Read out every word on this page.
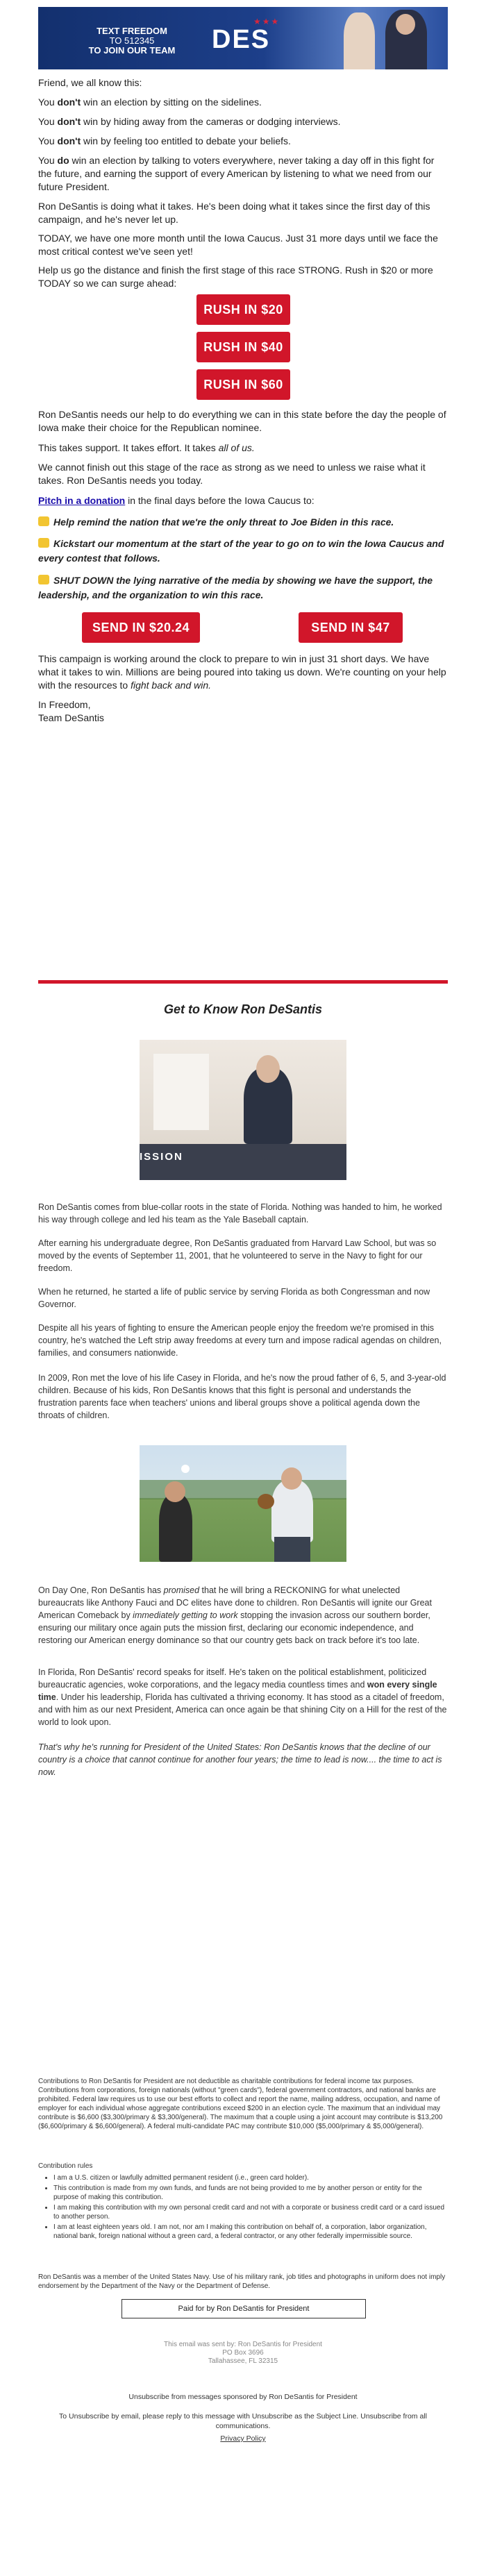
TEXT FREEDOM
TO 512345
TO JOIN OUR TEAM
★★★
DES

Friend, we all know this:

You don't win an election by sitting on the sidelines.

You don't win by hiding away from the cameras or dodging interviews.

You don't win by feeling too entitled to debate your beliefs.

You do win an election by talking to voters everywhere, never taking a day off in this fight for the future, and earning the support of every American by listening to what we need from our future President.

Ron DeSantis is doing what it takes. He's been doing what it takes since the first day of this campaign, and he's never let up.

TODAY, we have one more month until the Iowa Caucus. Just 31 more days until we face the most critical contest we've seen yet!

Help us go the distance and finish the first stage of this race STRONG. Rush in $20 or more TODAY so we can surge ahead:

RUSH IN $20
RUSH IN $40
RUSH IN $60

Ron DeSantis needs our help to do everything we can in this state before the day the people of Iowa make their choice for the Republican nominee.

This takes support. It takes effort. It takes all of us.

We cannot finish out this stage of the race as strong as we need to unless we raise what it takes. Ron DeSantis needs you today.

Pitch in a donation in the final days before the Iowa Caucus to:

Help remind the nation that we're the only threat to Joe Biden in this race.
Kickstart our momentum at the start of the year to go on to win the Iowa Caucus and every contest that follows.
SHUT DOWN the lying narrative of the media by showing we have the support, the leadership, and the organization to win this race.
SEND IN $20.24	SEND IN $47

This campaign is working around the clock to prepare to win in just 31 short days. We have what it takes to win. Millions are being poured into taking us down. We're counting on your help with the resources to fight back and win.

In Freedom,

Team DeSantis

Get to Know Ron DeSantis
ISSION

Ron DeSantis comes from blue-collar roots in the state of Florida. Nothing was handed to him, he worked his way through college and led his team as the Yale Baseball captain.

After earning his undergraduate degree, Ron DeSantis graduated from Harvard Law School, but was so moved by the events of September 11, 2001, that he volunteered to serve in the Navy to fight for our freedom.

When he returned, he started a life of public service by serving Florida as both Congressman and now Governor.

Despite all his years of fighting to ensure the American people enjoy the freedom we're promised in this country, he's watched the Left strip away freedoms at every turn and impose radical agendas on children, families, and consumers nationwide.

In 2009, Ron met the love of his life Casey in Florida, and he's now the proud father of 6, 5, and 3-year-old children. Because of his kids, Ron DeSantis knows that this fight is personal and understands the frustration parents face when teachers' unions and liberal groups shove a political agenda down the throats of children.

On Day One, Ron DeSantis has promised that he will bring a RECKONING for what unelected bureaucrats like Anthony Fauci and DC elites have done to children. Ron DeSantis will ignite our Great American Comeback by immediately getting to work stopping the invasion across our southern border, ensuring our military once again puts the mission first, declaring our economic independence, and restoring our American energy dominance so that our country gets back on track before it's too late.

In Florida, Ron DeSantis' record speaks for itself. He's taken on the political establishment, politicized bureaucratic agencies, woke corporations, and the legacy media countless times and won every single time. Under his leadership, Florida has cultivated a thriving economy. It has stood as a citadel of freedom, and with him as our next President, America can once again be that shining City on a Hill for the rest of the world to look upon.

That's why he's running for President of the United States: Ron DeSantis knows that the decline of our country is a choice that cannot continue for another four years; the time to lead is now.... the time to act is now.

Contributions to Ron DeSantis for President are not deductible as charitable contributions for federal income tax purposes. Contributions from corporations, foreign nationals (without "green cards"), federal government contractors, and national banks are prohibited. Federal law requires us to use our best efforts to collect and report the name, mailing address, occupation, and name of employer for each individual whose aggregate contributions exceed $200 in an election cycle. The maximum that an individual may contribute is $6,600 ($3,300/primary & $3,300/general). The maximum that a couple using a joint account may contribute is $13,200 ($6,600/primary & $6,600/general). A federal multi-candidate PAC may contribute $10,000 ($5,000/primary & $5,000/general).

Contribution rules

• I am a U.S. citizen or lawfully admitted permanent resident (i.e., green card holder).
• This contribution is made from my own funds, and funds are not being provided to me by another person or entity for the purpose of making this contribution.
• I am making this contribution with my own personal credit card and not with a corporate or business credit card or a card issued to another person.
• I am at least eighteen years old. I am not, nor am I making this contribution on behalf of, a corporation, labor organization, national bank, foreign national without a green card, a federal contractor, or any other federally impermissible source.

Ron DeSantis was a member of the United States Navy. Use of his military rank, job titles and photographs in uniform does not imply endorsement by the Department of the Navy or the Department of Defense.

Paid for by Ron DeSantis for President
This email was sent by: Ron DeSantis for President
PO Box 3696
Tallahassee, FL 32315
Unsubscribe from messages sponsored by Ron DeSantis for President
To Unsubscribe by email, please reply to this message with Unsubscribe as the Subject Line. Unsubscribe from all communications.
Privacy Policy
